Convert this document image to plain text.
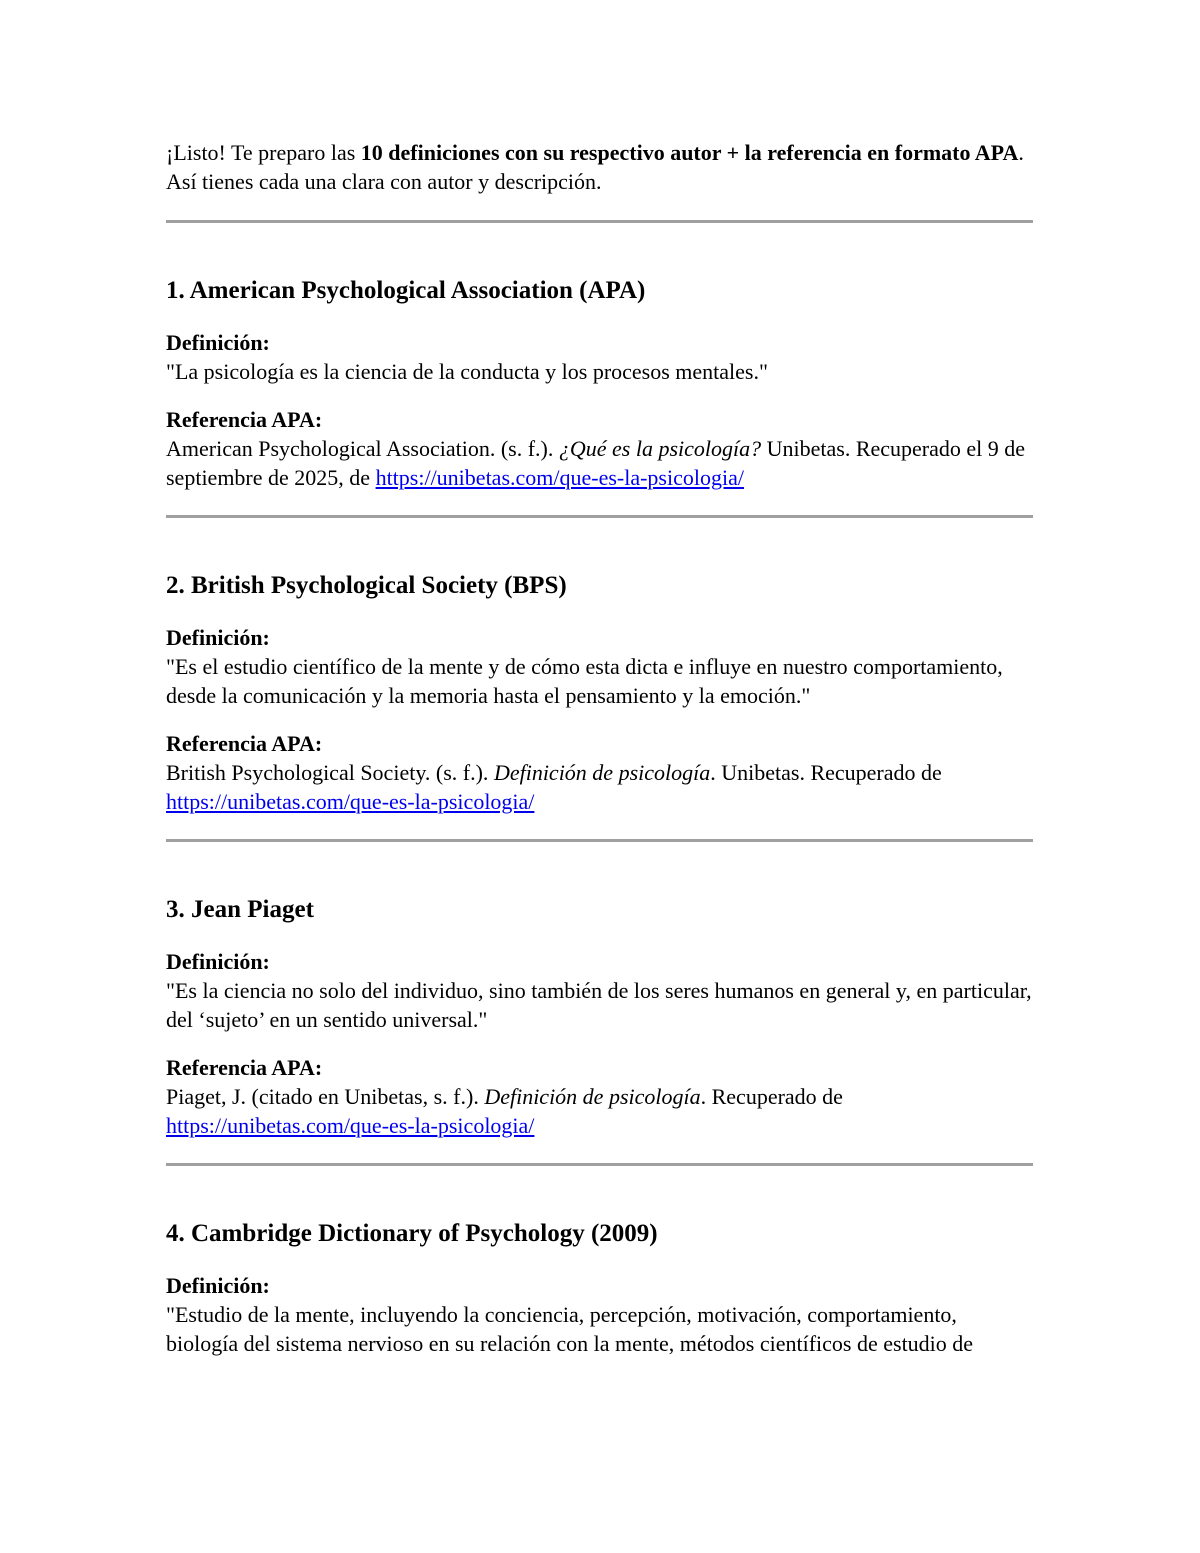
¡Listo! Te preparo las 10 definiciones con su respectivo autor + la referencia en formato APA. Así tienes cada una clara con autor y descripción.

1. American Psychological Association (APA)

Definición:

"La psicología es la ciencia de la conducta y los procesos mentales."

Referencia APA:

American Psychological Association. (s. f.). ¿Qué es la psicología? Unibetas. Recuperado el 9 de septiembre de 2025, de https://unibetas.com/que-es-la-psicologia/

2. British Psychological Society (BPS)

Definición:

"Es el estudio científico de la mente y de cómo esta dicta e influye en nuestro comportamiento, desde la comunicación y la memoria hasta el pensamiento y la emoción."

Referencia APA:

British Psychological Society. (s. f.). Definición de psicología. Unibetas. Recuperado de
https://unibetas.com/que-es-la-psicologia/

3. Jean Piaget

Definición:

"Es la ciencia no solo del individuo, sino también de los seres humanos en general y, en particular, del ‘sujeto’ en un sentido universal."

Referencia APA:

Piaget, J. (citado en Unibetas, s. f.). Definición de psicología. Recuperado de
https://unibetas.com/que-es-la-psicologia/

4. Cambridge Dictionary of Psychology (2009)

Definición:

"Estudio de la mente, incluyendo la conciencia, percepción, motivación, comportamiento, biología del sistema nervioso en su relación con la mente, métodos científicos de estudio de
